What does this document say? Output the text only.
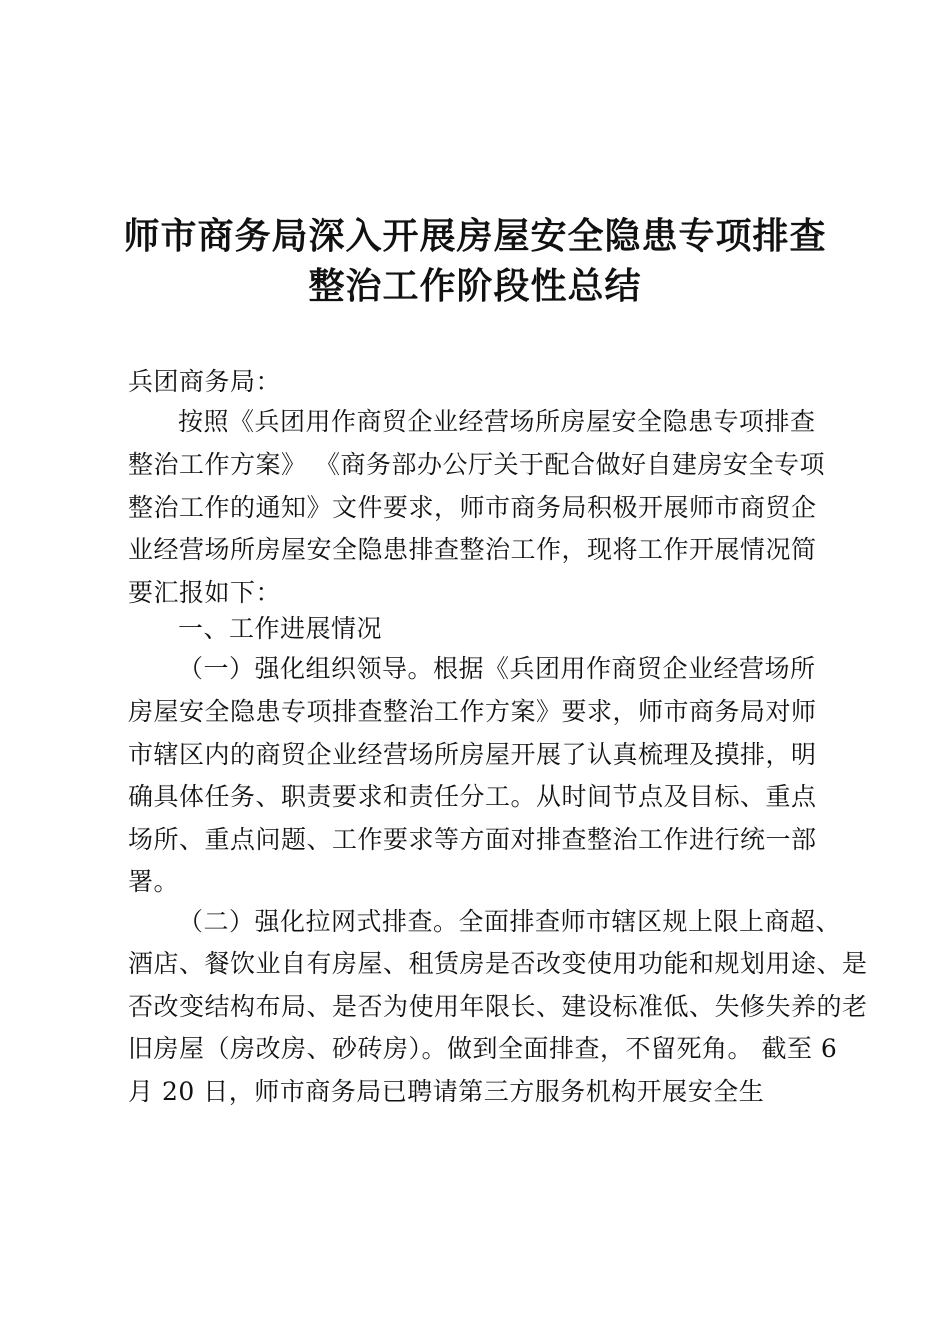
师市商务局深入开展房屋安全隐患专项排查
整治工作阶段性总结

兵团商务局：

按照《兵团用作商贸企业经营场所房屋安全隐患专项排查

整治工作方案》 《商务部办公厅关于配合做好自建房安全专项

整治工作的通知》文件要求，师市商务局积极开展师市商贸企

业经营场所房屋安全隐患排查整治工作，现将工作开展情况简

要汇报如下：

一、工作进展情况

（一）强化组织领导。根据《兵团用作商贸企业经营场所

房屋安全隐患专项排查整治工作方案》要求，师市商务局对师

市辖区内的商贸企业经营场所房屋开展了认真梳理及摸排，明

确具体任务、职责要求和责任分工。从时间节点及目标、重点

场所、重点问题、工作要求等方面对排查整治工作进行统一部

署。

（二）强化拉网式排查。全面排查师市辖区规上限上商超、

酒店、餐饮业自有房屋、租赁房是否改变使用功能和规划用途、是

否改变结构布局、是否为使用年限长、建设标准低、失修失养的老

旧房屋（房改房、砂砖房）。做到全面排查，不留死角。 截至 6

月 20 日，师市商务局已聘请第三方服务机构开展安全生
